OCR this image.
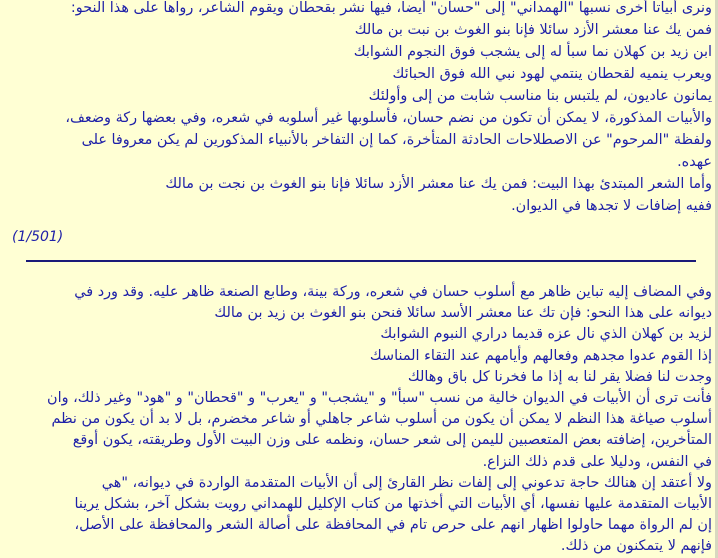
ونرى أبياتا أخرى نسبها "الهمداني" إلى "حسان" أيضا، فيها نشر بقحطان ويقوم الشاعر، رواها على هذا النحو:
فمن يك عنا معشر الأزد سائلا فإنا بنو الغوث بن نبت بن مالك
ابن زيد بن كهلان نما سبأ له إلى يشجب فوق النجوم الشوابك
ويعرب ينميه لقحطان ينتمي لهود نبي الله فوق الحبائك
يمانون عاديون، لم يلتبس بنا مناسب شابت من إلى وأولئك
والأبيات المذكورة، لا يمكن أن تكون من نضم حسان، فأسلوبها غير أسلوبه في شعره، وفي بعضها ركة وضعف،
ولفظة "المرحوم" عن الاصطلاحات الحادثة المتأخرة، كما إن التفاخر بالأنبياء المذكورين لم يكن معروفا على
عهده.
وأما الشعر المبتدئ بهذا البيت: فمن يك عنا معشر الأزد سائلا فإنا بنو الغوث بن نجت بن مالك
ففيه إضافات لا تجدها في الديوان.
(1/501)
وفي المضاف إليه تباين ظاهر مع أسلوب حسان في شعره، وركة بينة، وطابع الصنعة ظاهر عليه. وقد ورد في
ديوانه على هذا النحو: فإن تك عنا معشر الأسد سائلا فنحن بنو الغوث بن زيد بن مالك
لزيد بن كهلان الذي نال عزه قديما دراري النبوم الشوابك
إذا القوم عدوا مجدهم وفعالهم وأيامهم عند التقاء المناسك
وجدت لنا فضلا يقر لنا به إذا ما فخرنا كل باق وهالك
فأنت ترى أن الأبيات في الديوان خالية من نسب "سبأ" و "يشجب" و "يعرب" و "قحطان" و "هود" وغير ذلك، وان
أسلوب صياغة هذا النظم لا يمكن أن يكون من أسلوب شاعر جاهلي أو شاعر مخضرم، بل لا بد أن يكون من نظم
المتأخرين، إضافته بعض المتعصبين لليمن إلى شعر حسان، ونظمه على وزن البيت الأول وطريقته، يكون أوقع
في النفس، ودليلا على قدم ذلك النزاع.
ولا أعتقد إن هنالك حاجة تدعوني إلى إلفات نظر القارئ إلى أن الأبيات المتقدمة الواردة في ديوانه، "هي
الأبيات المتقدمة عليها نفسها، أي الأبيات التي أخذتها من كتاب الإكليل للهمداني رويت بشكل آخر، بشكل يرينا
إن لم الرواة مهما حاولوا اظهار انهم على حرص تام في المحافظة على أصالة الشعر والمحافظة على الأصل،
فإنهم لا يتمكنون من ذلك.
